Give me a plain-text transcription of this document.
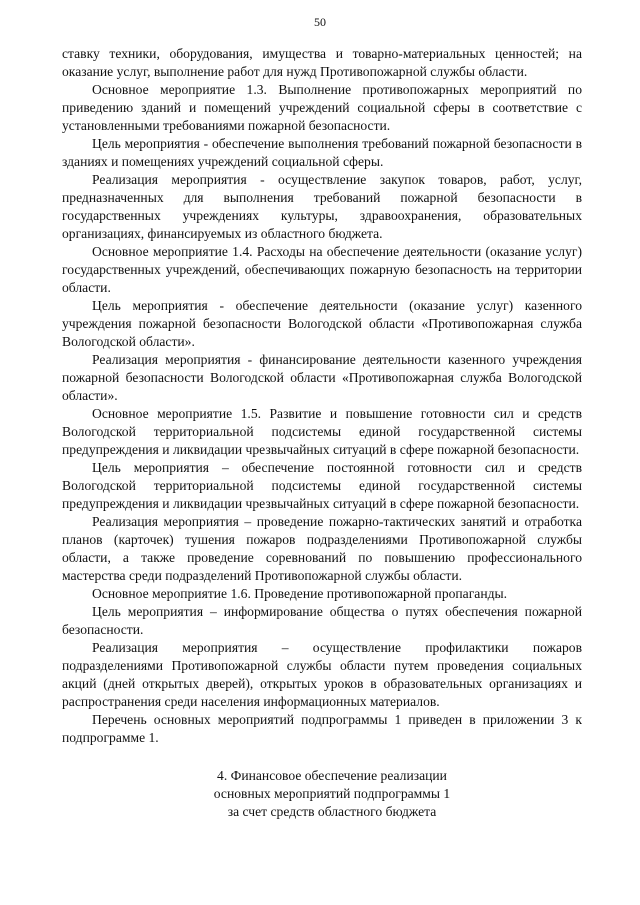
50

ставку техники, оборудования, имущества и товарно-материальных ценностей; на оказание услуг, выполнение работ для нужд Противопожарной службы области.

Основное мероприятие 1.3. Выполнение противопожарных мероприятий по приведению зданий и помещений учреждений социальной сферы в соответствие с установленными требованиями пожарной безопасности.

Цель мероприятия - обеспечение выполнения требований пожарной безопасности в зданиях и помещениях учреждений социальной сферы.

Реализация мероприятия - осуществление закупок товаров, работ, услуг, предназначенных для выполнения требований пожарной безопасности в государственных учреждениях культуры, здравоохранения, образовательных организациях, финансируемых из областного бюджета.

Основное мероприятие 1.4. Расходы на обеспечение деятельности (оказание услуг) государственных учреждений, обеспечивающих пожарную безопасность на территории области.

Цель мероприятия - обеспечение деятельности (оказание услуг) казенного учреждения пожарной безопасности Вологодской области «Противопожарная служба Вологодской области».

Реализация мероприятия - финансирование деятельности казенного учреждения пожарной безопасности Вологодской области «Противопожарная служба Вологодской области».

Основное мероприятие 1.5. Развитие и повышение готовности сил и средств Вологодской территориальной подсистемы единой государственной системы предупреждения и ликвидации чрезвычайных ситуаций в сфере пожарной безопасности.

Цель мероприятия – обеспечение постоянной готовности сил и средств Вологодской территориальной подсистемы единой государственной системы предупреждения и ликвидации чрезвычайных ситуаций в сфере пожарной безопасности.

Реализация мероприятия – проведение пожарно-тактических занятий и отработка планов (карточек) тушения пожаров подразделениями Противопожарной службы области, а также проведение соревнований по повышению профессионального мастерства среди подразделений Противопожарной службы области.

Основное мероприятие 1.6. Проведение противопожарной пропаганды.

Цель мероприятия – информирование общества о путях обеспечения пожарной безопасности.

Реализация мероприятия – осуществление профилактики пожаров подразделениями Противопожарной службы области путем проведения социальных акций (дней открытых дверей), открытых уроков в образовательных организациях и распространения среди населения информационных материалов.

Перечень основных мероприятий подпрограммы 1 приведен в приложении 3 к подпрограмме 1.

4. Финансовое обеспечение реализации
основных мероприятий подпрограммы 1
за счет средств областного бюджета
